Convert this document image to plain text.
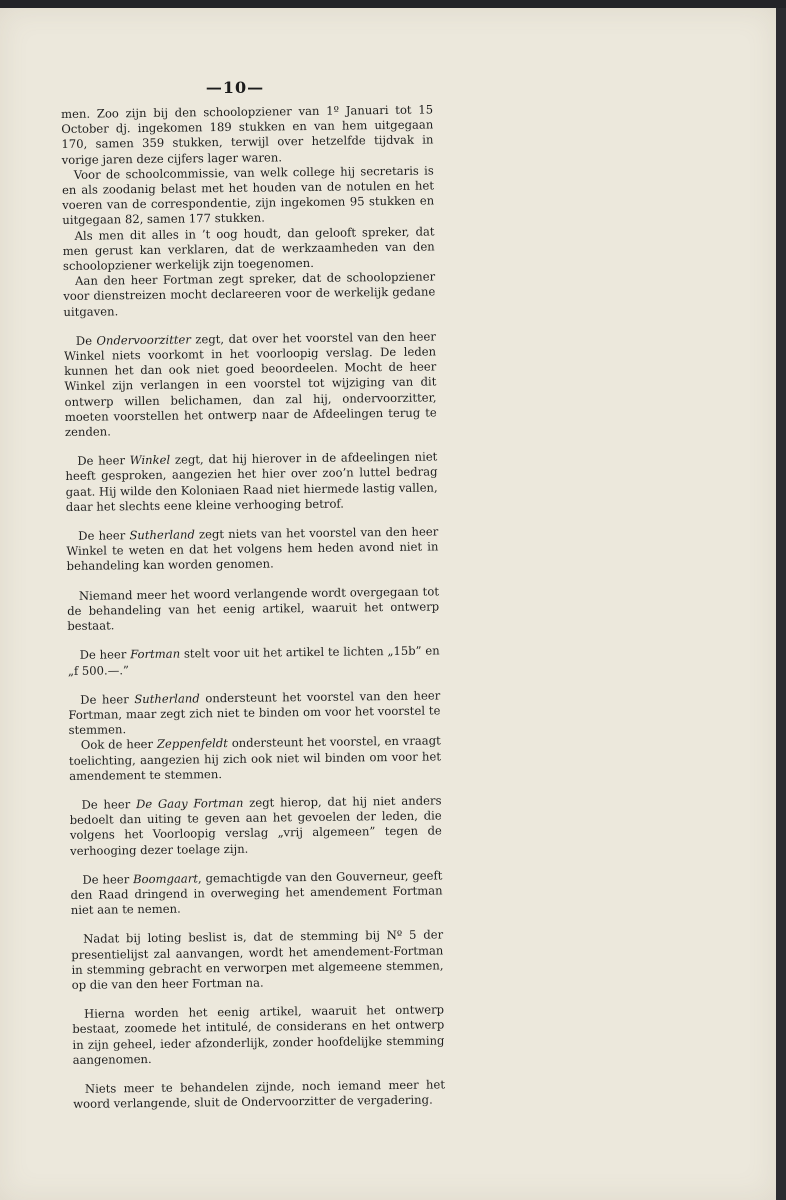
—10—

men. Zoo zijn bij den schoolopziener van 1º Januari tot 15 October dj. ingekomen 189 stukken en van hem uitgegaan 170, samen 359 stukken, terwijl over hetzelfde tijdvak in vorige jaren deze cijfers lager waren.

Voor de schoolcommissie, van welk college hij secretaris is en als zoodanig belast met het houden van de notulen en het voeren van de correspondentie, zijn ingekomen 95 stukken en uitgegaan 82, samen 177 stukken.

Als men dit alles in ’t oog houdt, dan gelooft spreker, dat men gerust kan verklaren, dat de werkzaamheden van den schoolopziener werkelijk zijn toegenomen.

Aan den heer Fortman zegt spreker, dat de schoolopziener voor dienstreizen mocht declareeren voor de werkelijk gedane uitgaven.

De Ondervoorzitter zegt, dat over het voorstel van den heer Winkel niets voorkomt in het voorloopig verslag. De leden kunnen het dan ook niet goed beoordeelen. Mocht de heer Winkel zijn verlangen in een voorstel tot wijziging van dit ontwerp willen belichamen, dan zal hij, ondervoorzitter, moeten voorstellen het ontwerp naar de Afdeelingen terug te zenden.

De heer Winkel zegt, dat hij hierover in de afdeelingen niet heeft gesproken, aangezien het hier over zoo’n luttel bedrag gaat. Hij wilde den Koloniaen Raad niet hiermede lastig vallen, daar het slechts eene kleine verhooging betrof.

De heer Sutherland zegt niets van het voorstel van den heer Winkel te weten en dat het volgens hem heden avond niet in behandeling kan worden genomen.

Niemand meer het woord verlangende wordt overgegaan tot de behandeling van het eenig artikel, waaruit het ontwerp bestaat.

De heer Fortman stelt voor uit het artikel te lichten „15b” en „f 500.—.”

De heer Sutherland ondersteunt het voorstel van den heer Fortman, maar zegt zich niet te binden om voor het voorstel te stemmen.

Ook de heer Zeppenfeldt ondersteunt het voorstel, en vraagt toelichting, aangezien hij zich ook niet wil binden om voor het amendement te stemmen.

De heer De Gaay Fortman zegt hierop, dat hij niet anders bedoelt dan uiting te geven aan het gevoelen der leden, die volgens het Voorloopig verslag „vrij algemeen” tegen de verhooging dezer toelage zijn.

De heer Boomgaart, gemachtigde van den Gouverneur, geeft den Raad dringend in overweging het amendement Fortman niet aan te nemen.

Nadat bij loting beslist is, dat de stemming bij Nº 5 der presentielijst zal aanvangen, wordt het amendement-Fortman in stemming gebracht en verworpen met algemeene stemmen, op die van den heer Fortman na.

Hierna worden het eenig artikel, waaruit het ontwerp bestaat, zoomede het intitulé, de considerans en het ontwerp in zijn geheel, ieder afzonderlijk, zonder hoofdelijke stemming aangenomen.

Niets meer te behandelen zijnde, noch iemand meer het woord verlangende, sluit de Ondervoorzitter de vergadering.
